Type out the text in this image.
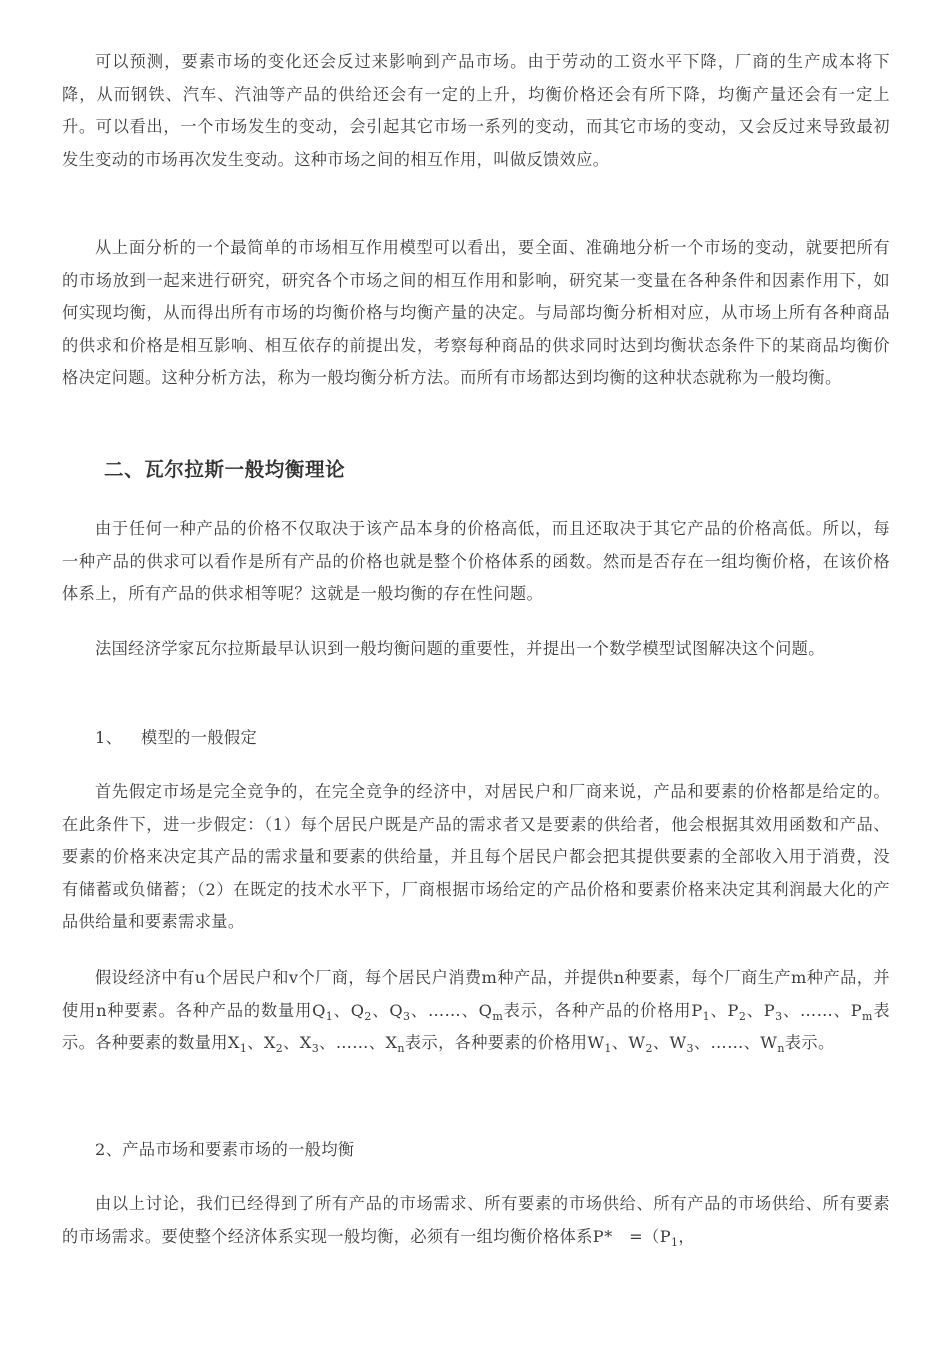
可以预测，要素市场的变化还会反过来影响到产品市场。由于劳动的工资水平下降，厂商的生产成本将下降，从而钢铁、汽车、汽油等产品的供给还会有一定的上升，均衡价格还会有所下降，均衡产量还会有一定上升。可以看出，一个市场发生的变动，会引起其它市场一系列的变动，而其它市场的变动，又会反过来导致最初发生变动的市场再次发生变动。这种市场之间的相互作用，叫做反馈效应。

从上面分析的一个最简单的市场相互作用模型可以看出，要全面、准确地分析一个市场的变动，就要把所有的市场放到一起来进行研究，研究各个市场之间的相互作用和影响，研究某一变量在各种条件和因素作用下，如何实现均衡，从而得出所有市场的均衡价格与均衡产量的决定。与局部均衡分析相对应，从市场上所有各种商品的供求和价格是相互影响、相互依存的前提出发，考察每种商品的供求同时达到均衡状态条件下的某商品均衡价格决定问题。这种分析方法，称为一般均衡分析方法。而所有市场都达到均衡的这种状态就称为一般均衡。

二、瓦尔拉斯一般均衡理论

由于任何一种产品的价格不仅取决于该产品本身的价格高低，而且还取决于其它产品的价格高低。所以，每一种产品的供求可以看作是所有产品的价格也就是整个价格体系的函数。然而是否存在一组均衡价格，在该价格体系上，所有产品的供求相等呢？这就是一般均衡的存在性问题。

法国经济学家瓦尔拉斯最早认识到一般均衡问题的重要性，并提出一个数学模型试图解决这个问题。

1、 模型的一般假定

首先假定市场是完全竞争的，在完全竞争的经济中，对居民户和厂商来说，产品和要素的价格都是给定的。在此条件下，进一步假定：（1）每个居民户既是产品的需求者又是要素的供给者，他会根据其效用函数和产品、要素的价格来决定其产品的需求量和要素的供给量，并且每个居民户都会把其提供要素的全部收入用于消费，没有储蓄或负储蓄；（2）在既定的技术水平下，厂商根据市场给定的产品价格和要素价格来决定其利润最大化的产品供给量和要素需求量。

假设经济中有u个居民户和v个厂商，每个居民户消费m种产品，并提供n种要素，每个厂商生产m种产品，并使用n种要素。各种产品的数量用$Q_1$、$Q_2$、$Q_3$、……、$Q_m$表示，各种产品的价格用$P_1$、$P_2$、$P_3$、……、$P_m$表示。各种要素的数量用$X_1$、$X_2$、$X_3$、……、$X_n$表示，各种要素的价格用$W_1$、$W_2$、$W_3$、……、$W_n$表示。

2、产品市场和要素市场的一般均衡

由以上讨论，我们已经得到了所有产品的市场需求、所有要素的市场供给、所有产品的市场供给、所有要素的市场需求。要使整个经济体系实现一般均衡，必须有一组均衡价格体系P*　$=(P_1$，
